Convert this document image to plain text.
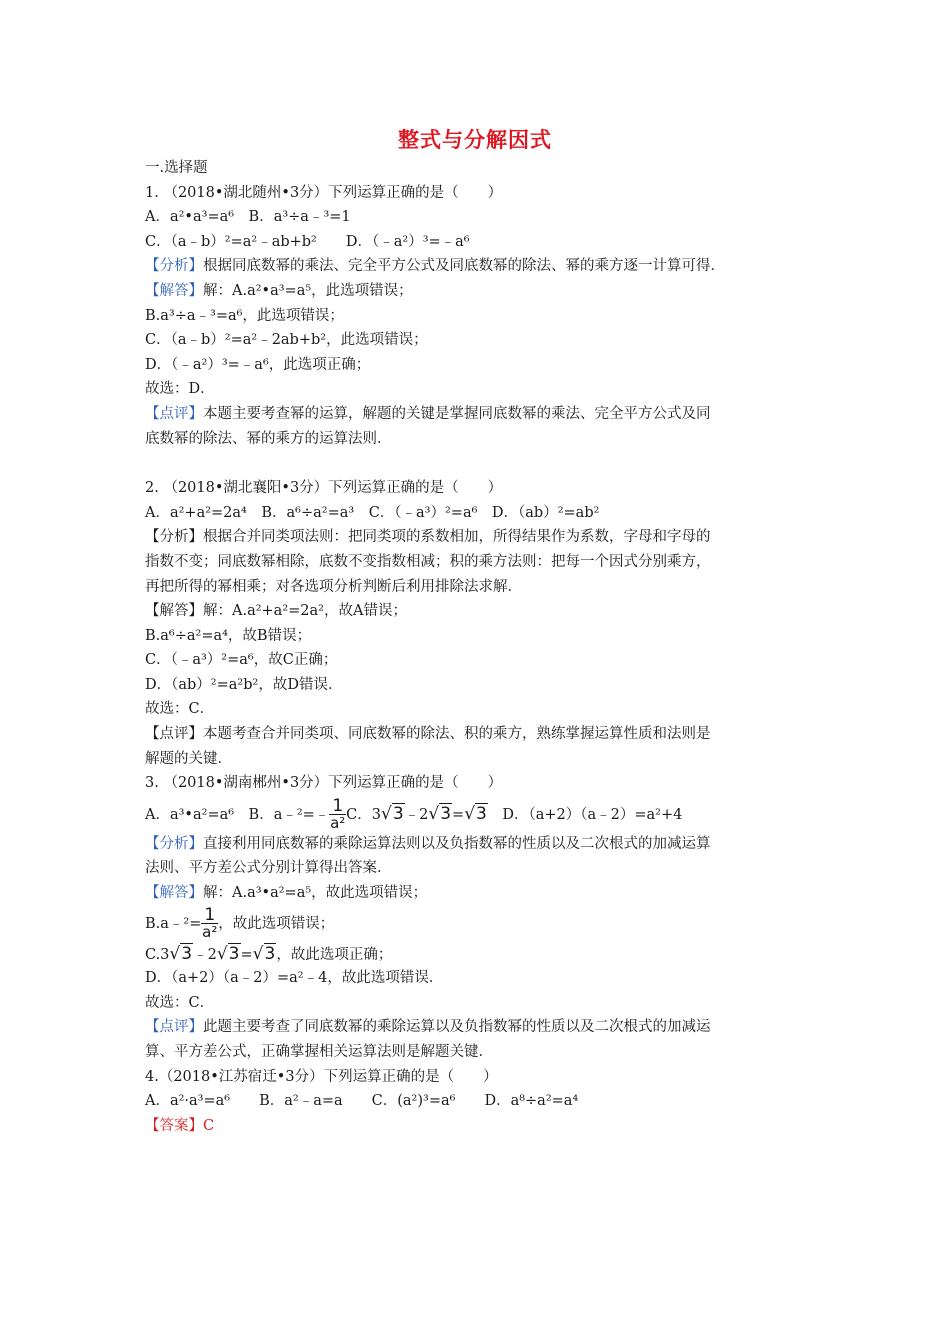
整式与分解因式
一.选择题
1. （2018•湖北随州•3分）下列运算正确的是（　　）
A．a²•a³=a⁶　B．a³÷a﹣³=1
C．（a﹣b）²=a²﹣ab+b²　　D．（﹣a²）³=﹣a⁶
【分析】根据同底数幂的乘法、完全平方公式及同底数幂的除法、幂的乘方逐一计算可得．
【解答】解：A.a²•a³=a⁵，此选项错误；
B.a³÷a﹣³=a⁶，此选项错误；
C．（a﹣b）²=a²﹣2ab+b²，此选项错误；
D．（﹣a²）³=﹣a⁶，此选项正确；
故选：D．
【点评】本题主要考查幂的运算，解题的关键是掌握同底数幂的乘法、完全平方公式及同
底数幂的除法、幂的乘方的运算法则．
2. （2018•湖北襄阳•3分）下列运算正确的是（　　）
A．a²+a²=2a⁴　B．a⁶÷a²=a³　C．（﹣a³）²=a⁶　D．（ab）²=ab²
【分析】根据合并同类项法则：把同类项的系数相加，所得结果作为系数，字母和字母的
指数不变；同底数幂相除，底数不变指数相减；积的乘方法则：把每一个因式分别乘方，
再把所得的幂相乘；对各选项分析判断后利用排除法求解．
【解答】解：A.a²+a²=2a²，故A错误；
B.a⁶÷a²=a⁴，故B错误；
C．（﹣a³）²=a⁶，故C正确；
D．（ab）²=a²b²，故D错误．
故选：C．
【点评】本题考查合并同类项、同底数幂的除法、积的乘方，熟练掌握运算性质和法则是
解题的关键．
3. （2018•湖南郴州•3分）下列运算正确的是（　　）
A．a³•a²=a⁶　B．a﹣²=﹣ $\frac{1}{\text{a²}}$ C．3√3﹣2√3=√3　D．（a+2）（a﹣2）=a²+4
【分析】直接利用同底数幂的乘除运算法则以及负指数幂的性质以及二次根式的加减运算
法则、平方差公式分别计算得出答案．
【解答】解：A.a³•a²=a⁵，故此选项错误；
B.a﹣²= $\frac{1}{\text{a²}}$ ，故此选项错误；
C.3√3﹣2√3=√3，故此选项正确；
D．（a+2）（a﹣2）=a²﹣4，故此选项错误．
故选：C．
【点评】此题主要考查了同底数幂的乘除运算以及负指数幂的性质以及二次根式的加减运
算、平方差公式，正确掌握相关运算法则是解题关键．
4.（2018•江苏宿迁•3分）下列运算正确的是（　　）
A．a²·a³=a⁶　　B．a²﹣a=a　　C．(a²)³=a⁶　　D．a⁸÷a²=a⁴
【答案】C
